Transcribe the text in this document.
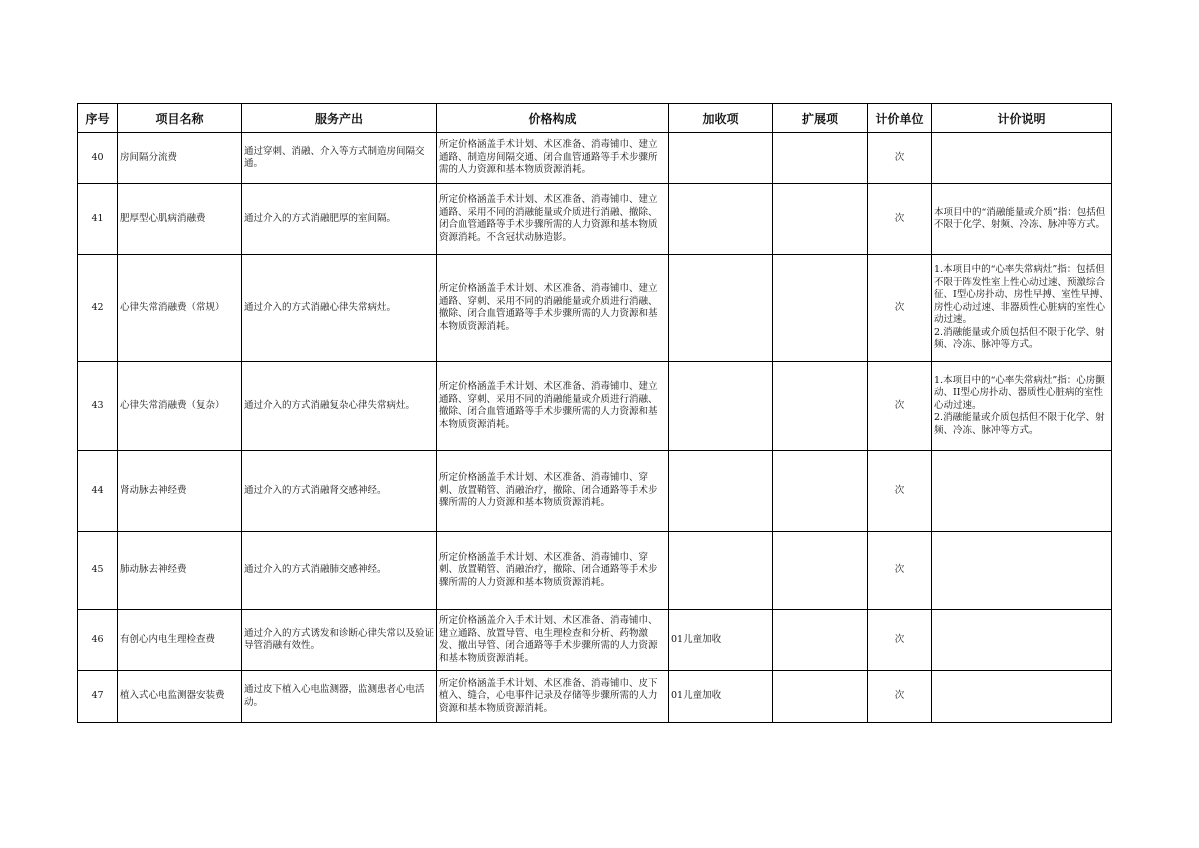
序号	项目名称	服务产出	价格构成	加收项	扩展项	计价单位	计价说明
40	房间隔分流费	通过穿刺、消融、介入等方式制造房间隔交通。	所定价格涵盖手术计划、术区准备、消毒铺巾、建立通路、制造房间隔交通、闭合血管通路等手术步骤所需的人力资源和基本物质资源消耗。			次	
41	肥厚型心肌病消融费	通过介入的方式消融肥厚的室间隔。	所定价格涵盖手术计划、术区准备、消毒铺巾、建立通路、采用不同的消融能量或介质进行消融、撤除、闭合血管通路等手术步骤所需的人力资源和基本物质资源消耗。不含冠状动脉造影。			次	本项目中的“消融能量或介质”指：包括但不限于化学、射频、冷冻、脉冲等方式。
42	心律失常消融费（常规）	通过介入的方式消融心律失常病灶。	所定价格涵盖手术计划、术区准备、消毒铺巾、建立通路、穿刺、采用不同的消融能量或介质进行消融、撤除、闭合血管通路等手术步骤所需的人力资源和基本物质资源消耗。			次	1.本项目中的“心率失常病灶”指：包括但不限于阵发性室上性心动过速、预激综合征、I型心房扑动、房性早搏、室性早搏、房性心动过速、非器质性心脏病的室性心动过速。
2.消融能量或介质包括但不限于化学、射频、冷冻、脉冲等方式。
43	心律失常消融费（复杂）	通过介入的方式消融复杂心律失常病灶。	所定价格涵盖手术计划、术区准备、消毒铺巾、建立通路、穿刺、采用不同的消融能量或介质进行消融、撤除、闭合血管通路等手术步骤所需的人力资源和基本物质资源消耗。			次	1.本项目中的“心率失常病灶”指：心房颤动、II型心房扑动、器质性心脏病的室性心动过速。
2.消融能量或介质包括但不限于化学、射频、冷冻、脉冲等方式。
44	肾动脉去神经费	通过介入的方式消融肾交感神经。	所定价格涵盖手术计划、术区准备、消毒铺巾、穿刺、放置鞘管、消融治疗，撤除、闭合通路等手术步骤所需的人力资源和基本物质资源消耗。			次	
45	肺动脉去神经费	通过介入的方式消融肺交感神经。	所定价格涵盖手术计划、术区准备、消毒铺巾、穿刺、放置鞘管、消融治疗，撤除、闭合通路等手术步骤所需的人力资源和基本物质资源消耗。			次	
46	有创心内电生理检查费	通过介入的方式诱发和诊断心律失常以及验证导管消融有效性。	所定价格涵盖介入手术计划、术区准备、消毒铺巾、建立通路、放置导管、电生理检查和分析、药物激发、撤出导管、闭合通路等手术步骤所需的人力资源和基本物质资源消耗。	01儿童加收		次	
47	植入式心电监测器安装费	通过皮下植入心电监测器，监测患者心电活动。	所定价格涵盖手术计划、术区准备、消毒铺巾、皮下植入、缝合，心电事件记录及存储等步骤所需的人力资源和基本物质资源消耗。	01儿童加收		次	
